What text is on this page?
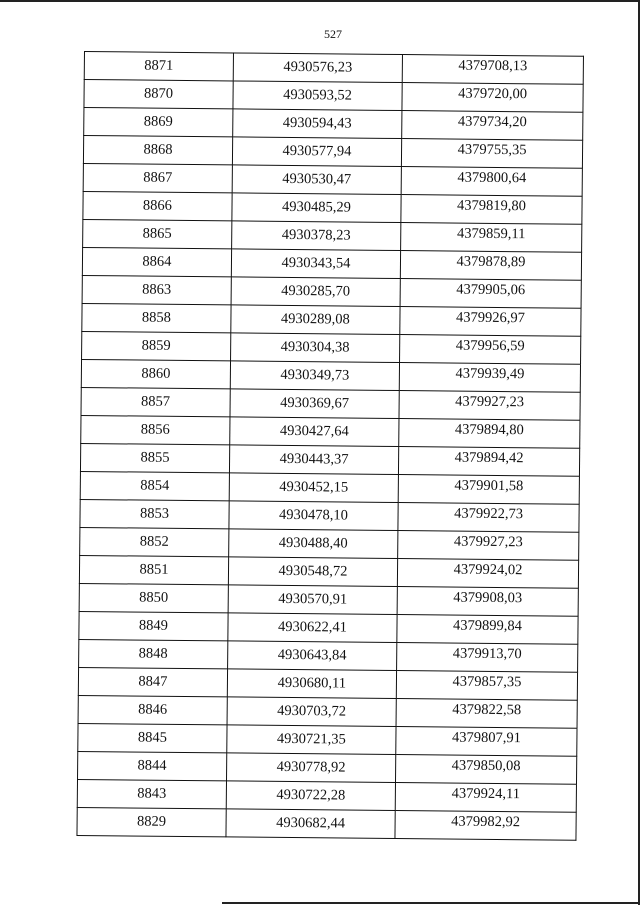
527
8871	4930576,23	4379708,13
8870	4930593,52	4379720,00
8869	4930594,43	4379734,20
8868	4930577,94	4379755,35
8867	4930530,47	4379800,64
8866	4930485,29	4379819,80
8865	4930378,23	4379859,11
8864	4930343,54	4379878,89
8863	4930285,70	4379905,06
8858	4930289,08	4379926,97
8859	4930304,38	4379956,59
8860	4930349,73	4379939,49
8857	4930369,67	4379927,23
8856	4930427,64	4379894,80
8855	4930443,37	4379894,42
8854	4930452,15	4379901,58
8853	4930478,10	4379922,73
8852	4930488,40	4379927,23
8851	4930548,72	4379924,02
8850	4930570,91	4379908,03
8849	4930622,41	4379899,84
8848	4930643,84	4379913,70
8847	4930680,11	4379857,35
8846	4930703,72	4379822,58
8845	4930721,35	4379807,91
8844	4930778,92	4379850,08
8843	4930722,28	4379924,11
8829	4930682,44	4379982,92
